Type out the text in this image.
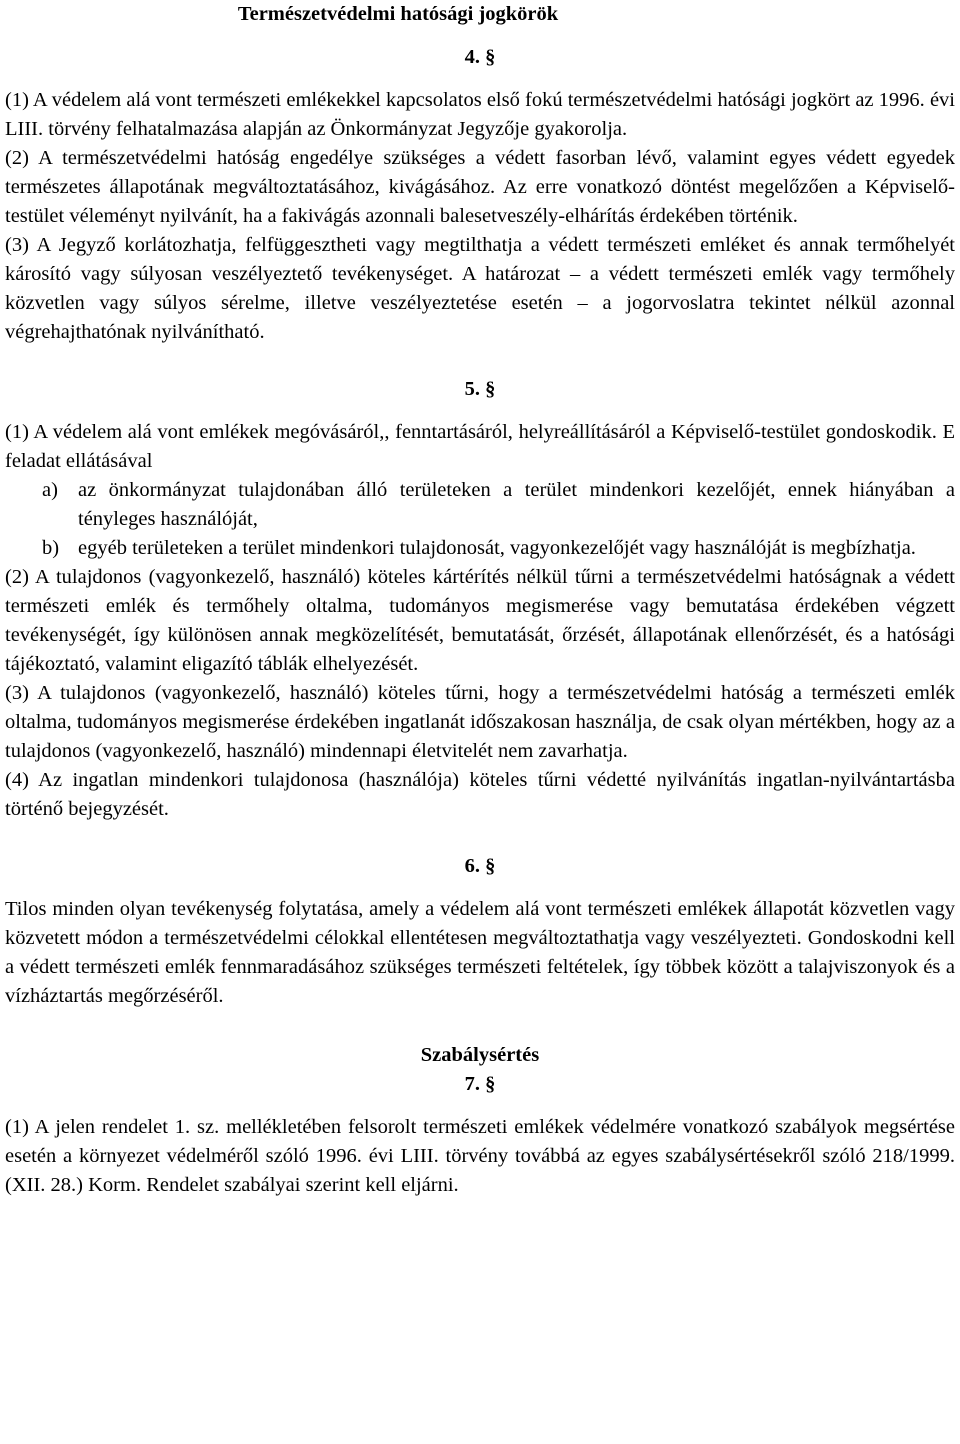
Természetvédelmi hatósági jogkörök

4. §

(1) A védelem alá vont természeti emlékekkel kapcsolatos első fokú természetvédelmi hatósági jogkört az 1996. évi LIII. törvény felhatalmazása alapján az Önkormányzat Jegyzője gyakorolja.

(2) A természetvédelmi hatóság engedélye szükséges a védett fasorban lévő, valamint egyes védett egyedek természetes állapotának megváltoztatásához, kivágásához. Az erre vonatkozó döntést megelőzően a Képviselő- testület véleményt nyilvánít, ha a fakivágás azonnali balesetveszély-elhárítás érdekében történik.

(3) A Jegyző korlátozhatja, felfüggesztheti vagy megtilthatja a védett természeti emléket és annak termőhelyét károsító vagy súlyosan veszélyeztető tevékenységet. A határozat – a védett természeti emlék vagy termőhely közvetlen vagy súlyos sérelme, illetve veszélyeztetése esetén – a jogorvoslatra tekintet nélkül azonnal végrehajthatónak nyilvánítható.

5. §

(1) A védelem alá vont emlékek megóvásáról,, fenntartásáról, helyreállításáról a Képviselő-testület gondoskodik. E feladat ellátásával

a) az önkormányzat tulajdonában álló területeken a terület mindenkori kezelőjét, ennek hiányában a tényleges használóját,
b) egyéb területeken a terület mindenkori tulajdonosát, vagyonkezelőjét vagy használóját is megbízhatja.

(2) A tulajdonos (vagyonkezelő, használó) köteles kártérítés nélkül tűrni a természetvédelmi hatóságnak a védett természeti emlék és termőhely oltalma, tudományos megismerése vagy bemutatása érdekében végzett tevékenységét, így különösen annak megközelítését, bemutatását, őrzését, állapotának ellenőrzését, és a hatósági tájékoztató, valamint eligazító táblák elhelyezését.

(3) A tulajdonos (vagyonkezelő, használó) köteles tűrni, hogy a természetvédelmi hatóság a természeti emlék oltalma, tudományos megismerése érdekében ingatlanát időszakosan használja, de csak olyan mértékben, hogy az a tulajdonos (vagyonkezelő, használó) mindennapi életvitelét nem zavarhatja.

(4) Az ingatlan mindenkori tulajdonosa (használója) köteles tűrni védetté nyilvánítás ingatlan-nyilvántartásba történő bejegyzését.

6. §

Tilos minden olyan tevékenység folytatása, amely a védelem alá vont természeti emlékek állapotát közvetlen vagy közvetett módon a természetvédelmi célokkal ellentétesen megváltoztathatja vagy veszélyezteti. Gondoskodni kell a védett természeti emlék fennmaradásához szükséges természeti feltételek, így többek között a talajviszonyok és a vízháztartás megőrzéséről.

Szabálysértés

7. §

(1) A jelen rendelet 1. sz. mellékletében felsorolt természeti emlékek védelmére vonatkozó szabályok megsértése esetén a környezet védelméről szóló 1996. évi LIII. törvény továbbá az egyes szabálysértésekről szóló 218/1999. (XII. 28.) Korm. Rendelet szabályai szerint kell eljárni.
